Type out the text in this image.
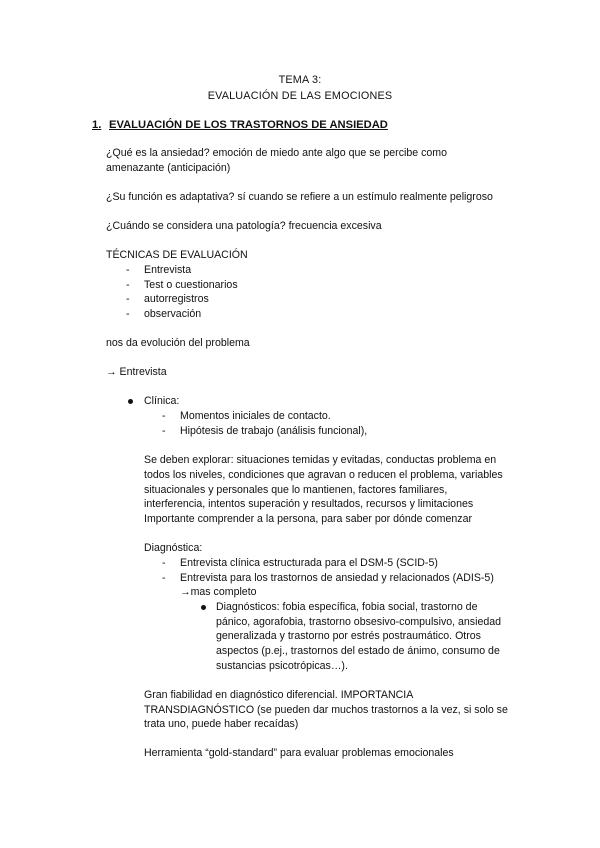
TEMA 3:
EVALUACIÓN DE LAS EMOCIONES
1. EVALUACIÓN DE LOS TRASTORNOS DE ANSIEDAD
¿Qué es la ansiedad? emoción de miedo ante algo que se percibe como
amenazante (anticipación)
¿Su función es adaptativa? sí cuando se refiere a un estímulo realmente peligroso
¿Cuándo se considera una patología? frecuencia excesiva
TÉCNICAS DE EVALUACIÓN
- Entrevista
- Test o cuestionarios
- autorregistros
- observación
nos da evolución del problema
→ Entrevista
Clínica:
- Momentos iniciales de contacto.
- Hipótesis de trabajo (análisis funcional),
Se deben explorar: situaciones temidas y evitadas, conductas problema en
todos los niveles, condiciones que agravan o reducen el problema, variables
situacionales y personales que lo mantienen, factores familiares,
interferencia, intentos superación y resultados, recursos y limitaciones
Importante comprender a la persona, para saber por dónde comenzar
Diagnóstica:
- Entrevista clínica estructurada para el DSM-5 (SCID-5)
- Entrevista para los trastornos de ansiedad y relacionados (ADIS-5)
→mas completo
Diagnósticos: fobia específica, fobia social, trastorno de
pánico, agorafobia, trastorno obsesivo-compulsivo, ansiedad
generalizada y trastorno por estrés postraumático. Otros
aspectos (p.ej., trastornos del estado de ánimo, consumo de
sustancias psicotrópicas…).
Gran fiabilidad en diagnóstico diferencial. IMPORTANCIA
TRANSDIAGNÓSTICO (se pueden dar muchos trastornos a la vez, si solo se
trata uno, puede haber recaídas)
Herramienta “gold-standard” para evaluar problemas emocionales
